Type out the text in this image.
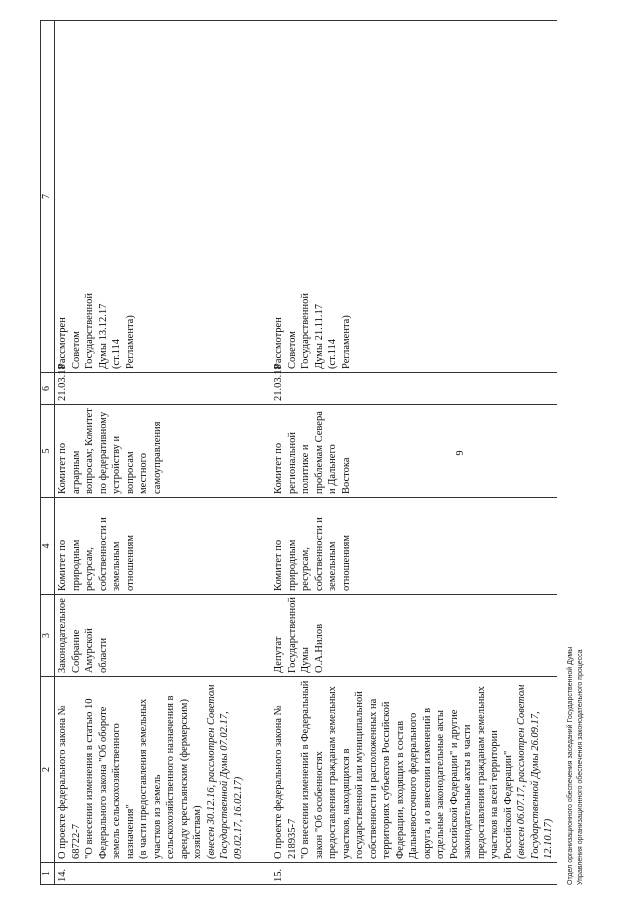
9
1	2	3	4	5	6	7
14.	О проекте федерального закона № 68722-7 "О внесении изменения в статью 10 Федерального закона "Об обороте земель сельскохозяйственного назначения" (в части предоставления земельных участков из земель сельскохозяйственного назначения в аренду крестьянским (фермерским) хозяйствам) (внесен 30.12.16, рассмотрен Советом Государственной Думы 07.02.17, 09.02.17, 16.02.17)	Законодательное Собрание Амурской области	Комитет по природным ресурсам, собственности и земельным отношениям	Комитет по аграрным вопросам; Комитет по федеративному устройству и вопросам местного самоуправления	21.03.18	Рассмотрен Советом Государственной Думы 13.12.17 (ст.114 Регламента)

15.	О проекте федерального закона № 218935-7 "О внесении изменений в Федеральный закон "Об особенностях предоставления гражданам земельных участков, находящихся в государственной или муниципальной собственности и расположенных на территориях субъектов Российской Федерации, входящих в состав Дальневосточного федерального округа, и о внесении изменений в отдельные законодательные акты Российской Федерации" и другие законодательные акты в части предоставления гражданам земельных участков на всей территории Российской Федерации" (внесен 06.07.17, рассмотрен Советом Государственной Думы 26.09.17, 12.10.17)	Депутат Государственной Думы О.А.Нилов	Комитет по природным ресурсам, собственности и земельным отношениям	Комитет по региональной политике и проблемам Севера и Дальнего Востока	21.03.18	Рассмотрен Советом Государственной Думы 21.11.17 (ст.114 Регламента)
Отдел организационного обеспечения заседаний Государственной Думы Управления организационного обеспечения законодательного процесса
